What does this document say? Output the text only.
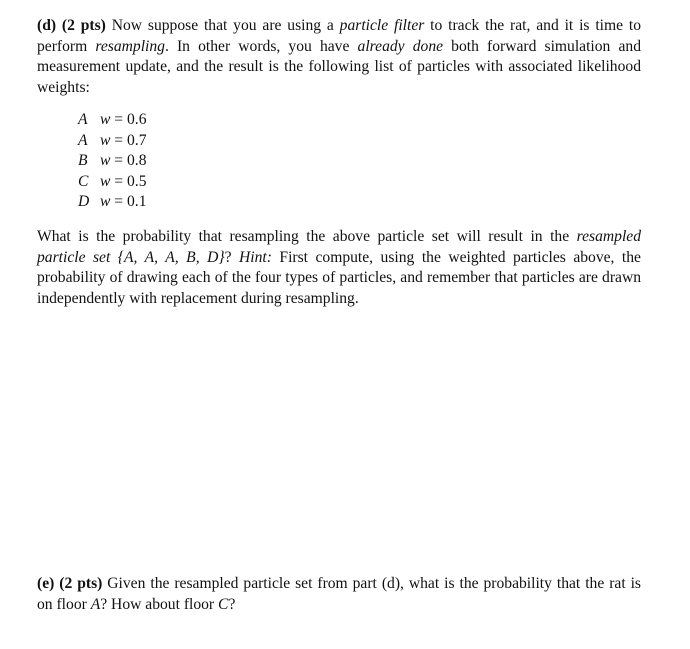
(d) (2 pts) Now suppose that you are using a particle filter to track the rat, and it is time to perform resampling. In other words, you have already done both forward simulation and measurement update, and the result is the following list of particles with associated likelihood weights:

A w = 0.6
A w = 0.7
B w = 0.8
C w = 0.5
D w = 0.1

What is the probability that resampling the above particle set will result in the resampled particle set {A, A, A, B, D}? Hint: First compute, using the weighted particles above, the probability of drawing each of the four types of particles, and remember that particles are drawn independently with replacement during resampling.

(e) (2 pts) Given the resampled particle set from part (d), what is the probability that the rat is on floor A? How about floor C?
